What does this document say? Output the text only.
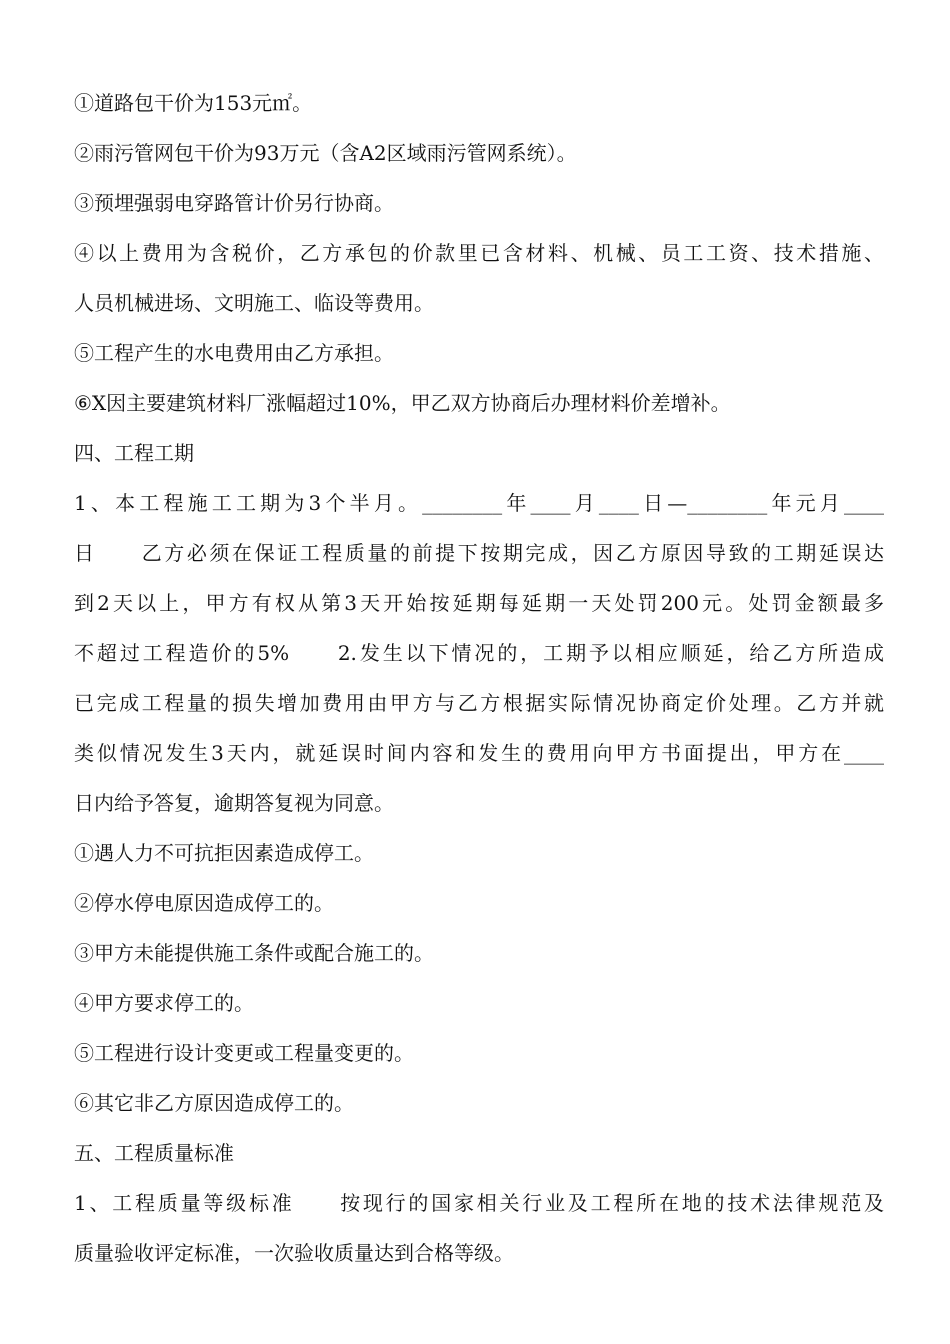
①道路包干价为153元㎡。

②雨污管网包干价为93万元（含A2区域雨污管网系统）。

③预埋强弱电穿路管计价另行协商。

④以上费用为含税价，乙方承包的价款里已含材料、机械、员工工资、技术措施、

人员机械进场、文明施工、临设等费用。

⑤工程产生的水电费用由乙方承担。

⑥X因主要建筑材料厂涨幅超过10%，甲乙双方协商后办理材料价差增补。

四、工程工期

1、本工程施工工期为3个半月。________年____月____日—________年元月____

日　　乙方必须在保证工程质量的前提下按期完成，因乙方原因导致的工期延误达

到2天以上，甲方有权从第3天开始按延期每延期一天处罚200元。处罚金额最多

不超过工程造价的5%　　2.发生以下情况的，工期予以相应顺延，给乙方所造成

已完成工程量的损失增加费用由甲方与乙方根据实际情况协商定价处理。乙方并就

类似情况发生3天内，就延误时间内容和发生的费用向甲方书面提出，甲方在____

日内给予答复，逾期答复视为同意。

①遇人力不可抗拒因素造成停工。

②停水停电原因造成停工的。

③甲方未能提供施工条件或配合施工的。

④甲方要求停工的。

⑤工程进行设计变更或工程量变更的。

⑥其它非乙方原因造成停工的。

五、工程质量标准

1、工程质量等级标准　　按现行的国家相关行业及工程所在地的技术法律规范及

质量验收评定标准，一次验收质量达到合格等级。
